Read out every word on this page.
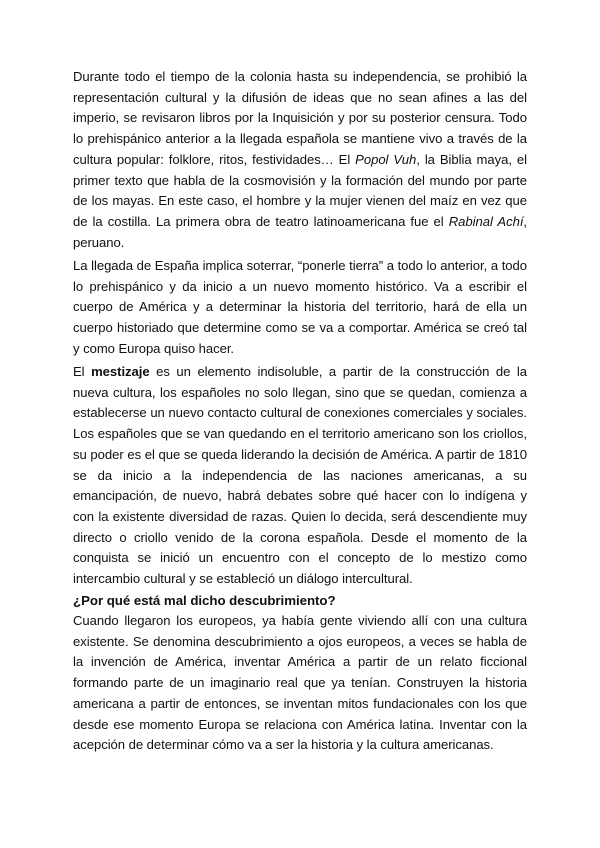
Durante todo el tiempo de la colonia hasta su independencia, se prohibió la representación cultural y la difusión de ideas que no sean afines a las del imperio, se revisaron libros por la Inquisición y por su posterior censura. Todo lo prehispánico anterior a la llegada española se mantiene vivo a través de la cultura popular: folklore, ritos, festividades… El Popol Vuh, la Biblia maya, el primer texto que habla de la cosmovisión y la formación del mundo por parte de los mayas. En este caso, el hombre y la mujer vienen del maíz en vez que de la costilla. La primera obra de teatro latinoamericana fue el Rabinal Achí, peruano.
La llegada de España implica soterrar, “ponerle tierra” a todo lo anterior, a todo lo prehispánico y da inicio a un nuevo momento histórico. Va a escribir el cuerpo de América y a determinar la historia del territorio, hará de ella un cuerpo historiado que determine como se va a comportar. América se creó tal y como Europa quiso hacer.
El mestizaje es un elemento indisoluble, a partir de la construcción de la nueva cultura, los españoles no solo llegan, sino que se quedan, comienza a establecerse un nuevo contacto cultural de conexiones comerciales y sociales. Los españoles que se van quedando en el territorio americano son los criollos, su poder es el que se queda liderando la decisión de América. A partir de 1810 se da inicio a la independencia de las naciones americanas, a su emancipación, de nuevo, habrá debates sobre qué hacer con lo indígena y con la existente diversidad de razas. Quien lo decida, será descendiente muy directo o criollo venido de la corona española. Desde el momento de la conquista se inició un encuentro con el concepto de lo mestizo como intercambio cultural y se estableció un diálogo intercultural.
¿Por qué está mal dicho descubrimiento?
Cuando llegaron los europeos, ya había gente viviendo allí con una cultura existente. Se denomina descubrimiento a ojos europeos, a veces se habla de la invención de América, inventar América a partir de un relato ficcional formando parte de un imaginario real que ya tenían. Construyen la historia americana a partir de entonces, se inventan mitos fundacionales con los que desde ese momento Europa se relaciona con América latina. Inventar con la acepción de determinar cómo va a ser la historia y la cultura americanas.
